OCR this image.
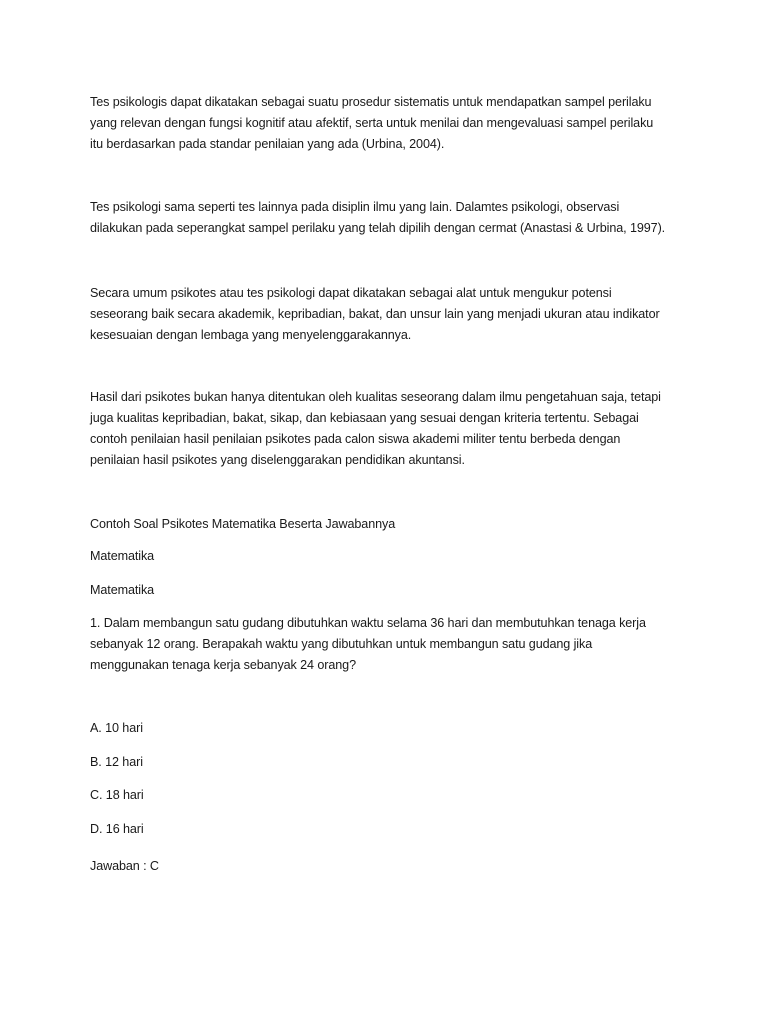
Tes psikologis dapat dikatakan sebagai suatu prosedur sistematis untuk mendapatkan sampel perilaku
yang relevan dengan fungsi kognitif atau afektif, serta untuk menilai dan mengevaluasi sampel perilaku
itu berdasarkan pada standar penilaian yang ada (Urbina, 2004).
Tes psikologi sama seperti tes lainnya pada disiplin ilmu yang lain. Dalamtes psikologi, observasi
dilakukan pada seperangkat sampel perilaku yang telah dipilih dengan cermat (Anastasi & Urbina, 1997).
Secara umum psikotes atau tes psikologi dapat dikatakan sebagai alat untuk mengukur potensi
seseorang baik secara akademik, kepribadian, bakat, dan unsur lain yang menjadi ukuran atau indikator
kesesuaian dengan lembaga yang menyelenggarakannya.
Hasil dari psikotes bukan hanya ditentukan oleh kualitas seseorang dalam ilmu pengetahuan saja, tetapi
juga kualitas kepribadian, bakat, sikap, dan kebiasaan yang sesuai dengan kriteria tertentu. Sebagai
contoh penilaian hasil penilaian psikotes pada calon siswa akademi militer tentu berbeda dengan
penilaian hasil psikotes yang diselenggarakan pendidikan akuntansi.
Contoh Soal Psikotes Matematika Beserta Jawabannya
Matematika
Matematika
1. Dalam membangun satu gudang dibutuhkan waktu selama 36 hari dan membutuhkan tenaga kerja
sebanyak 12 orang. Berapakah waktu yang dibutuhkan untuk membangun satu gudang jika
menggunakan tenaga kerja sebanyak 24 orang?
A. 10 hari
B. 12 hari
C. 18 hari
D. 16 hari
Jawaban : C
